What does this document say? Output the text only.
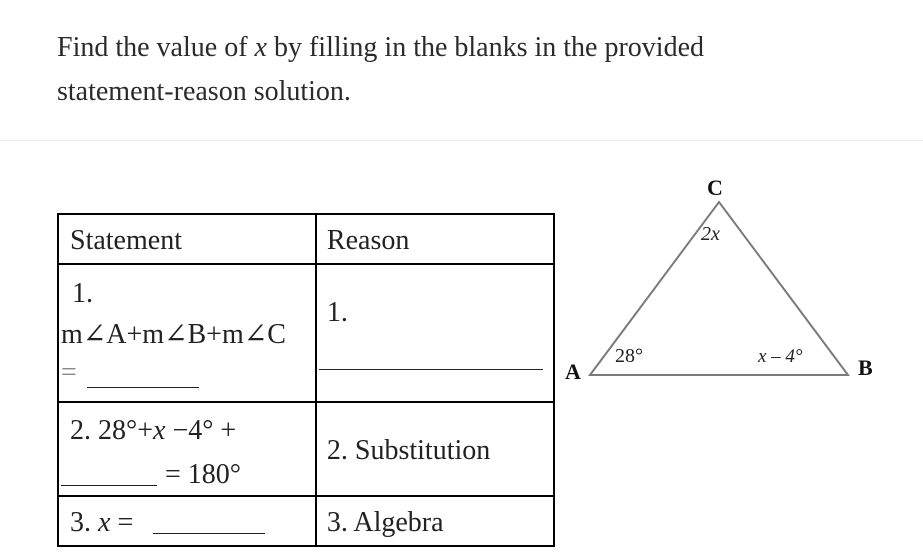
Find the value of x by filling in the blanks in the provided
statement-reason solution.
Statement	Reason

1.
m∠A+m∠B+m∠C
=	1.

2. 28°+x −4° +
= 180°	2. Substitution

3. x =	3. Algebra
C
A	B
2x
28°	x – 4°
